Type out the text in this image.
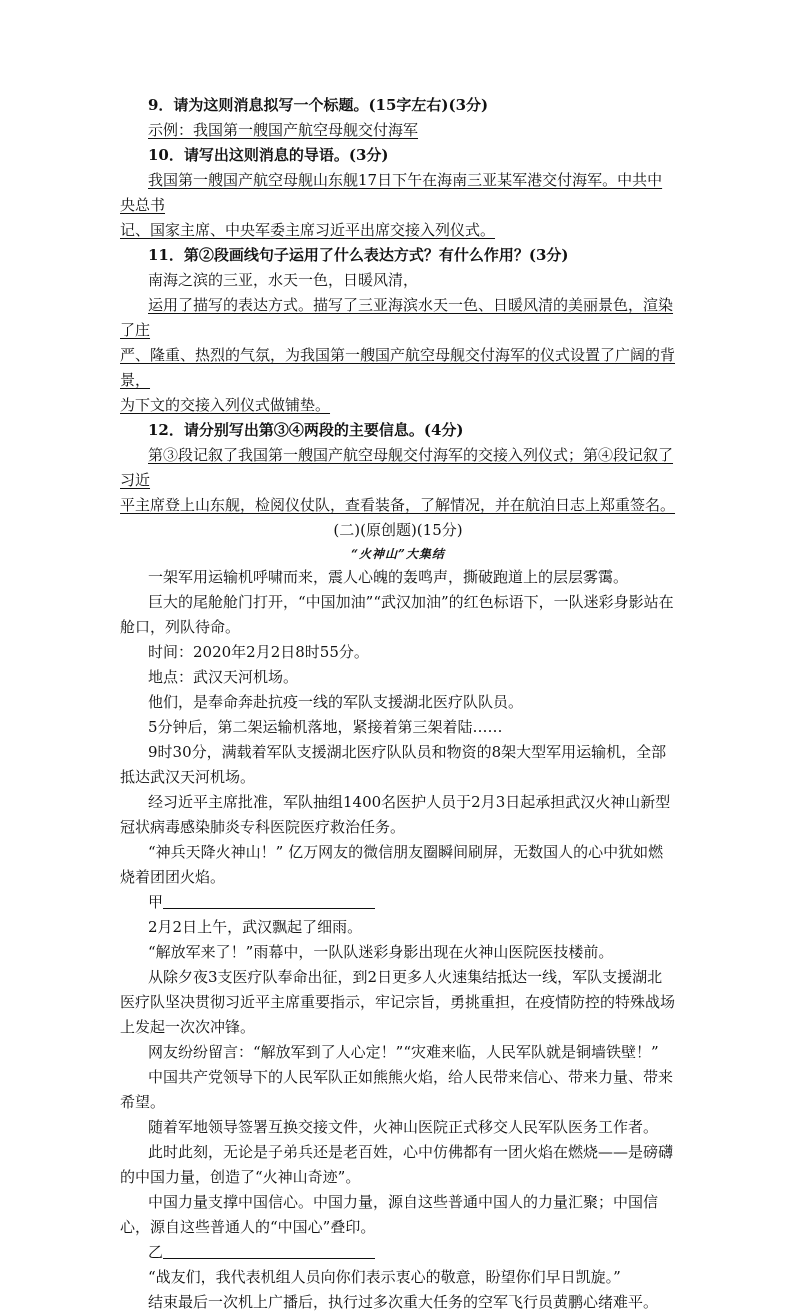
9．请为这则消息拟写一个标题。(15字左右)(3分)

示例：我国第一艘国产航空母舰交付海军

10．请写出这则消息的导语。(3分)

我国第一艘国产航空母舰山东舰17日下午在海南三亚某军港交付海军。中共中央总书

记、国家主席、中央军委主席习近平出席交接入列仪式。

11．第②段画线句子运用了什么表达方式？有什么作用？(3分)

南海之滨的三亚，水天一色，日暖风清，

运用了描写的表达方式。描写了三亚海滨水天一色、日暖风清的美丽景色，渲染了庄

严、隆重、热烈的气氛，为我国第一艘国产航空母舰交付海军的仪式设置了广阔的背景，

为下文的交接入列仪式做铺垫。

12．请分别写出第③④两段的主要信息。(4分)

第③段记叙了我国第一艘国产航空母舰交付海军的交接入列仪式；第④段记叙了习近

平主席登上山东舰，检阅仪仗队，查看装备，了解情况，并在航泊日志上郑重签名。

(二)(原创题)(15分)

“火神山”大集结

一架军用运输机呼啸而来，震人心魄的轰鸣声，撕破跑道上的层层雾霭。

巨大的尾舱舱门打开，“中国加油”“武汉加油”的红色标语下，一队迷彩身影站在舱口，列队待命。

时间：2020年2月2日8时55分。

地点：武汉天河机场。

他们，是奉命奔赴抗疫一线的军队支援湖北医疗队队员。

5分钟后，第二架运输机落地，紧接着第三架着陆……

9时30分，满载着军队支援湖北医疗队队员和物资的8架大型军用运输机，全部抵达武汉天河机场。

经习近平主席批准，军队抽组1400名医护人员于2月3日起承担武汉火神山新型冠状病毒感染肺炎专科医院医疗救治任务。

“神兵天降火神山！” 亿万网友的微信朋友圈瞬间刷屏，无数国人的心中犹如燃烧着团团火焰。

甲

2月2日上午，武汉飘起了细雨。

“解放军来了！”雨幕中，一队队迷彩身影出现在火神山医院医技楼前。

从除夕夜3支医疗队奉命出征，到2日更多人火速集结抵达一线，军队支援湖北医疗队坚决贯彻习近平主席重要指示，牢记宗旨，勇挑重担，在疫情防控的特殊战场上发起一次次冲锋。

网友纷纷留言：“解放军到了人心定！”“灾难来临，人民军队就是铜墙铁壁！”

中国共产党领导下的人民军队正如熊熊火焰，给人民带来信心、带来力量、带来希望。

随着军地领导签署互换交接文件，火神山医院正式移交人民军队医务工作者。

此时此刻，无论是子弟兵还是老百姓，心中仿佛都有一团火焰在燃烧——是磅礴的中国力量，创造了“火神山奇迹”。

中国力量支撑中国信心。中国力量，源自这些普通中国人的力量汇聚；中国信心，源自这些普通人的“中国心”叠印。

乙

“战友们，我代表机组人员向你们表示衷心的敬意，盼望你们早日凯旋。”

结束最后一次机上广播后，执行过多次重大任务的空军飞行员黄鹏心绪难平。
